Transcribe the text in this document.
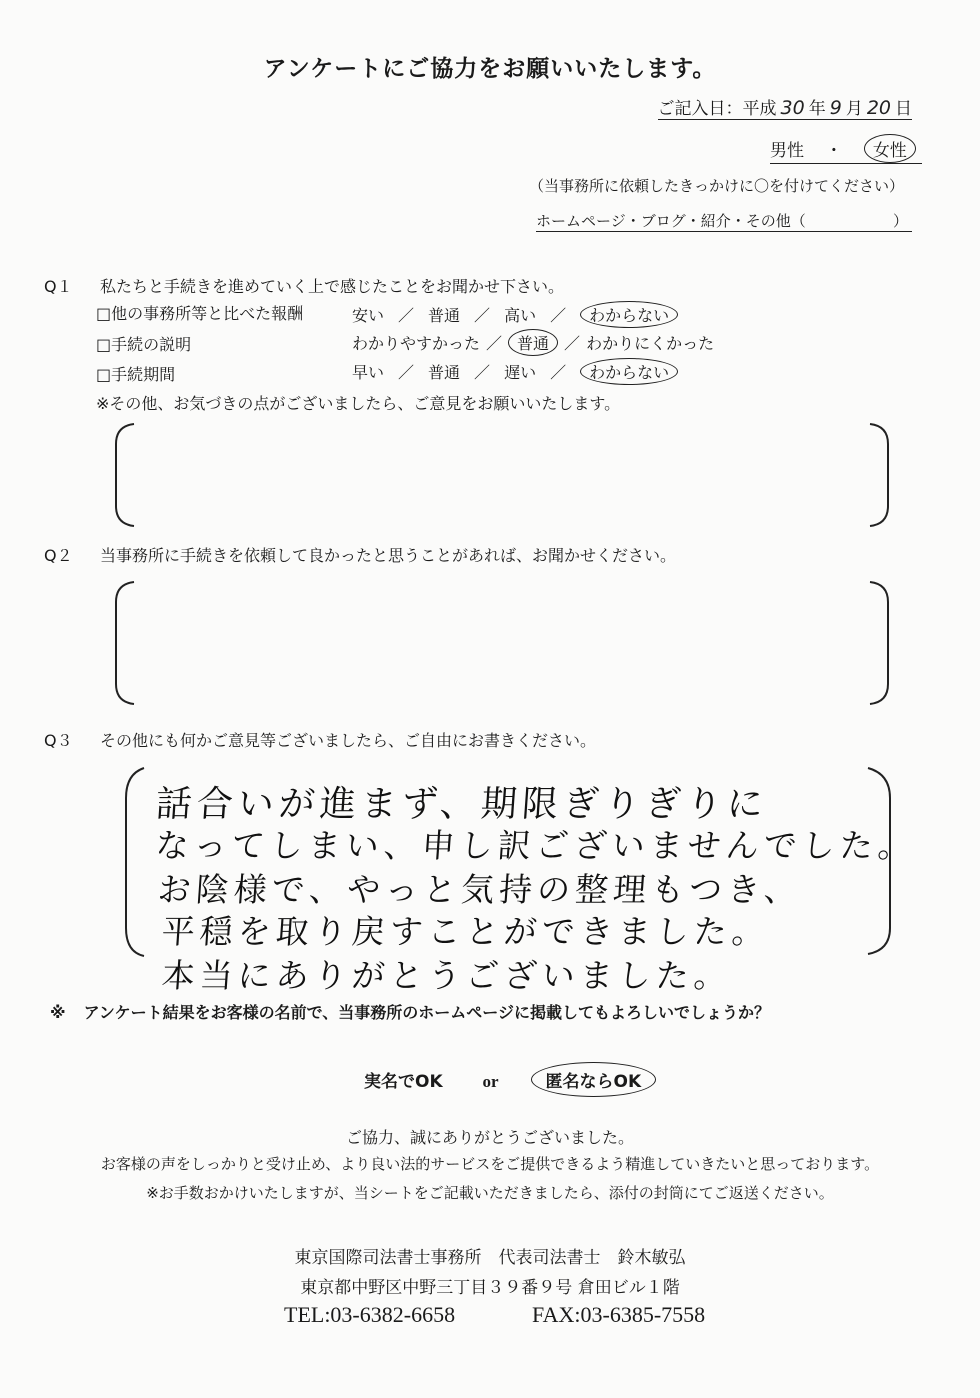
アンケートにご協力をお願いいたします。
ご記入日：平成 30 年 9 月 20 日
男性 ・ 女性
（当事務所に依頼したきっかけに〇を付けてください）
ホームページ・ブログ・紹介・その他（	）
Q１ 私たちと手続きを進めていく上で感じたことをお聞かせ下さい。
□他の事務所等と比べた報酬	安い ／ 普通 ／ 高い ／ わからない
□手続の説明	わかりやすかった ／ 普通 ／ わかりにくかった
□手続期間	早い ／ 普通 ／ 遅い ／ わからない
※その他、お気づきの点がございましたら、ご意見をお願いいたします。
Q２ 当事務所に手続きを依頼して良かったと思うことがあれば、お聞かせください。
Q３ その他にも何かご意見等ございましたら、ご自由にお書きください。
話合いが進まず、期限ぎりぎりに
なってしまい、申し訳ございませんでした。
お陰様で、やっと気持の整理もつき、
平穏を取り戻すことができました。
本当にありがとうございました。
※ アンケート結果をお客様の名前で、当事務所のホームページに掲載してもよろしいでしょうか？
実名でOK or	匿名ならOK
ご協力、誠にありがとうございました。
お客様の声をしっかりと受け止め、より良い法的サービスをご提供できるよう精進していきたいと思っております。
※お手数おかけいたしますが、当シートをご記載いただきましたら、添付の封筒にてご返送ください。
東京国際司法書士事務所　代表司法書士　鈴木敏弘
東京都中野区中野三丁目３９番９号 倉田ビル１階
TEL:03-6382-6658	FAX:03-6385-7558
